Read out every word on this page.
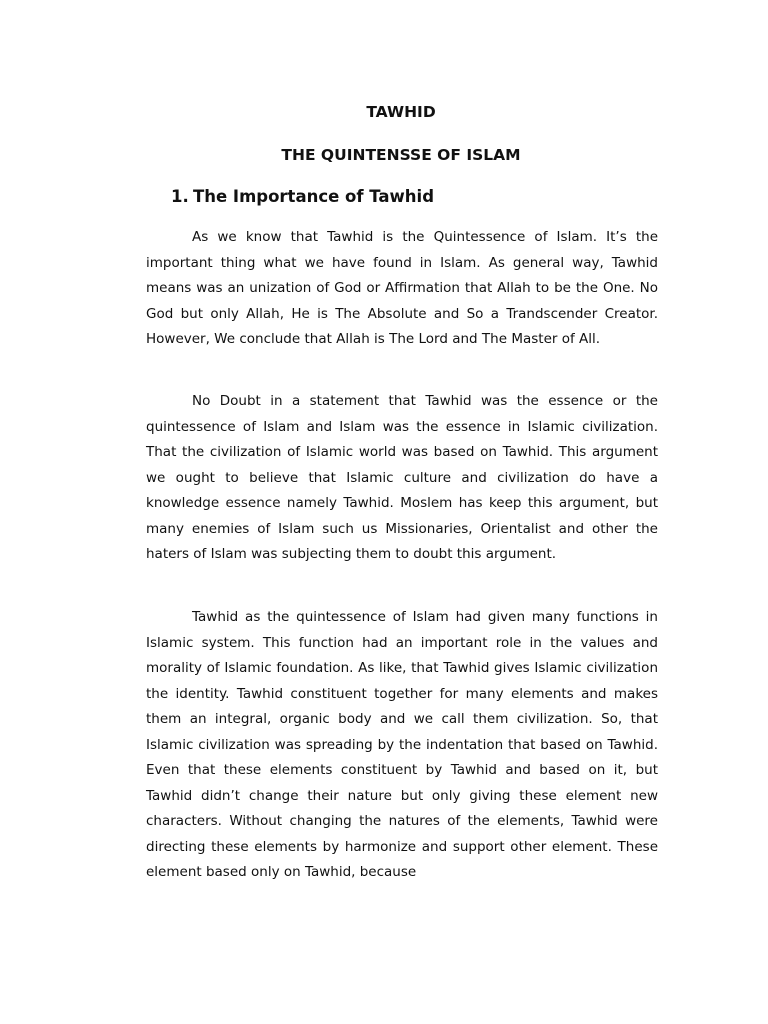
TAWHID
THE QUINTENSSE OF ISLAM
1. The Importance of Tawhid

As we know that Tawhid is the Quintessence of Islam. It’s the important thing what we have found in Islam. As general way, Tawhid means was an unization of God or Affirmation that Allah to be the One. No God but only Allah, He is The Absolute and So a Trandscender Creator. However, We conclude that Allah is The Lord and The Master of All.

No Doubt in a statement that Tawhid was the essence or the quintessence of Islam and Islam was the essence in Islamic civilization. That the civilization of Islamic world was based on Tawhid. This argument we ought to believe that Islamic culture and civilization do have a knowledge essence namely Tawhid. Moslem has keep this argument, but many enemies of Islam such us Missionaries, Orientalist and other the haters of Islam was subjecting them to doubt this argument.

Tawhid as the quintessence of Islam had given many functions in Islamic system. This function had an important role in the values and morality of Islamic foundation. As like, that Tawhid gives Islamic civilization the identity. Tawhid constituent together for many elements and makes them an integral, organic body and we call them civilization. So, that Islamic civilization was spreading by the indentation that based on Tawhid. Even that these elements constituent by Tawhid and based on it, but Tawhid didn’t change their nature but only giving these element new characters. Without changing the natures of the elements, Tawhid were directing these elements by harmonize and support other element. These element based only on Tawhid, because
